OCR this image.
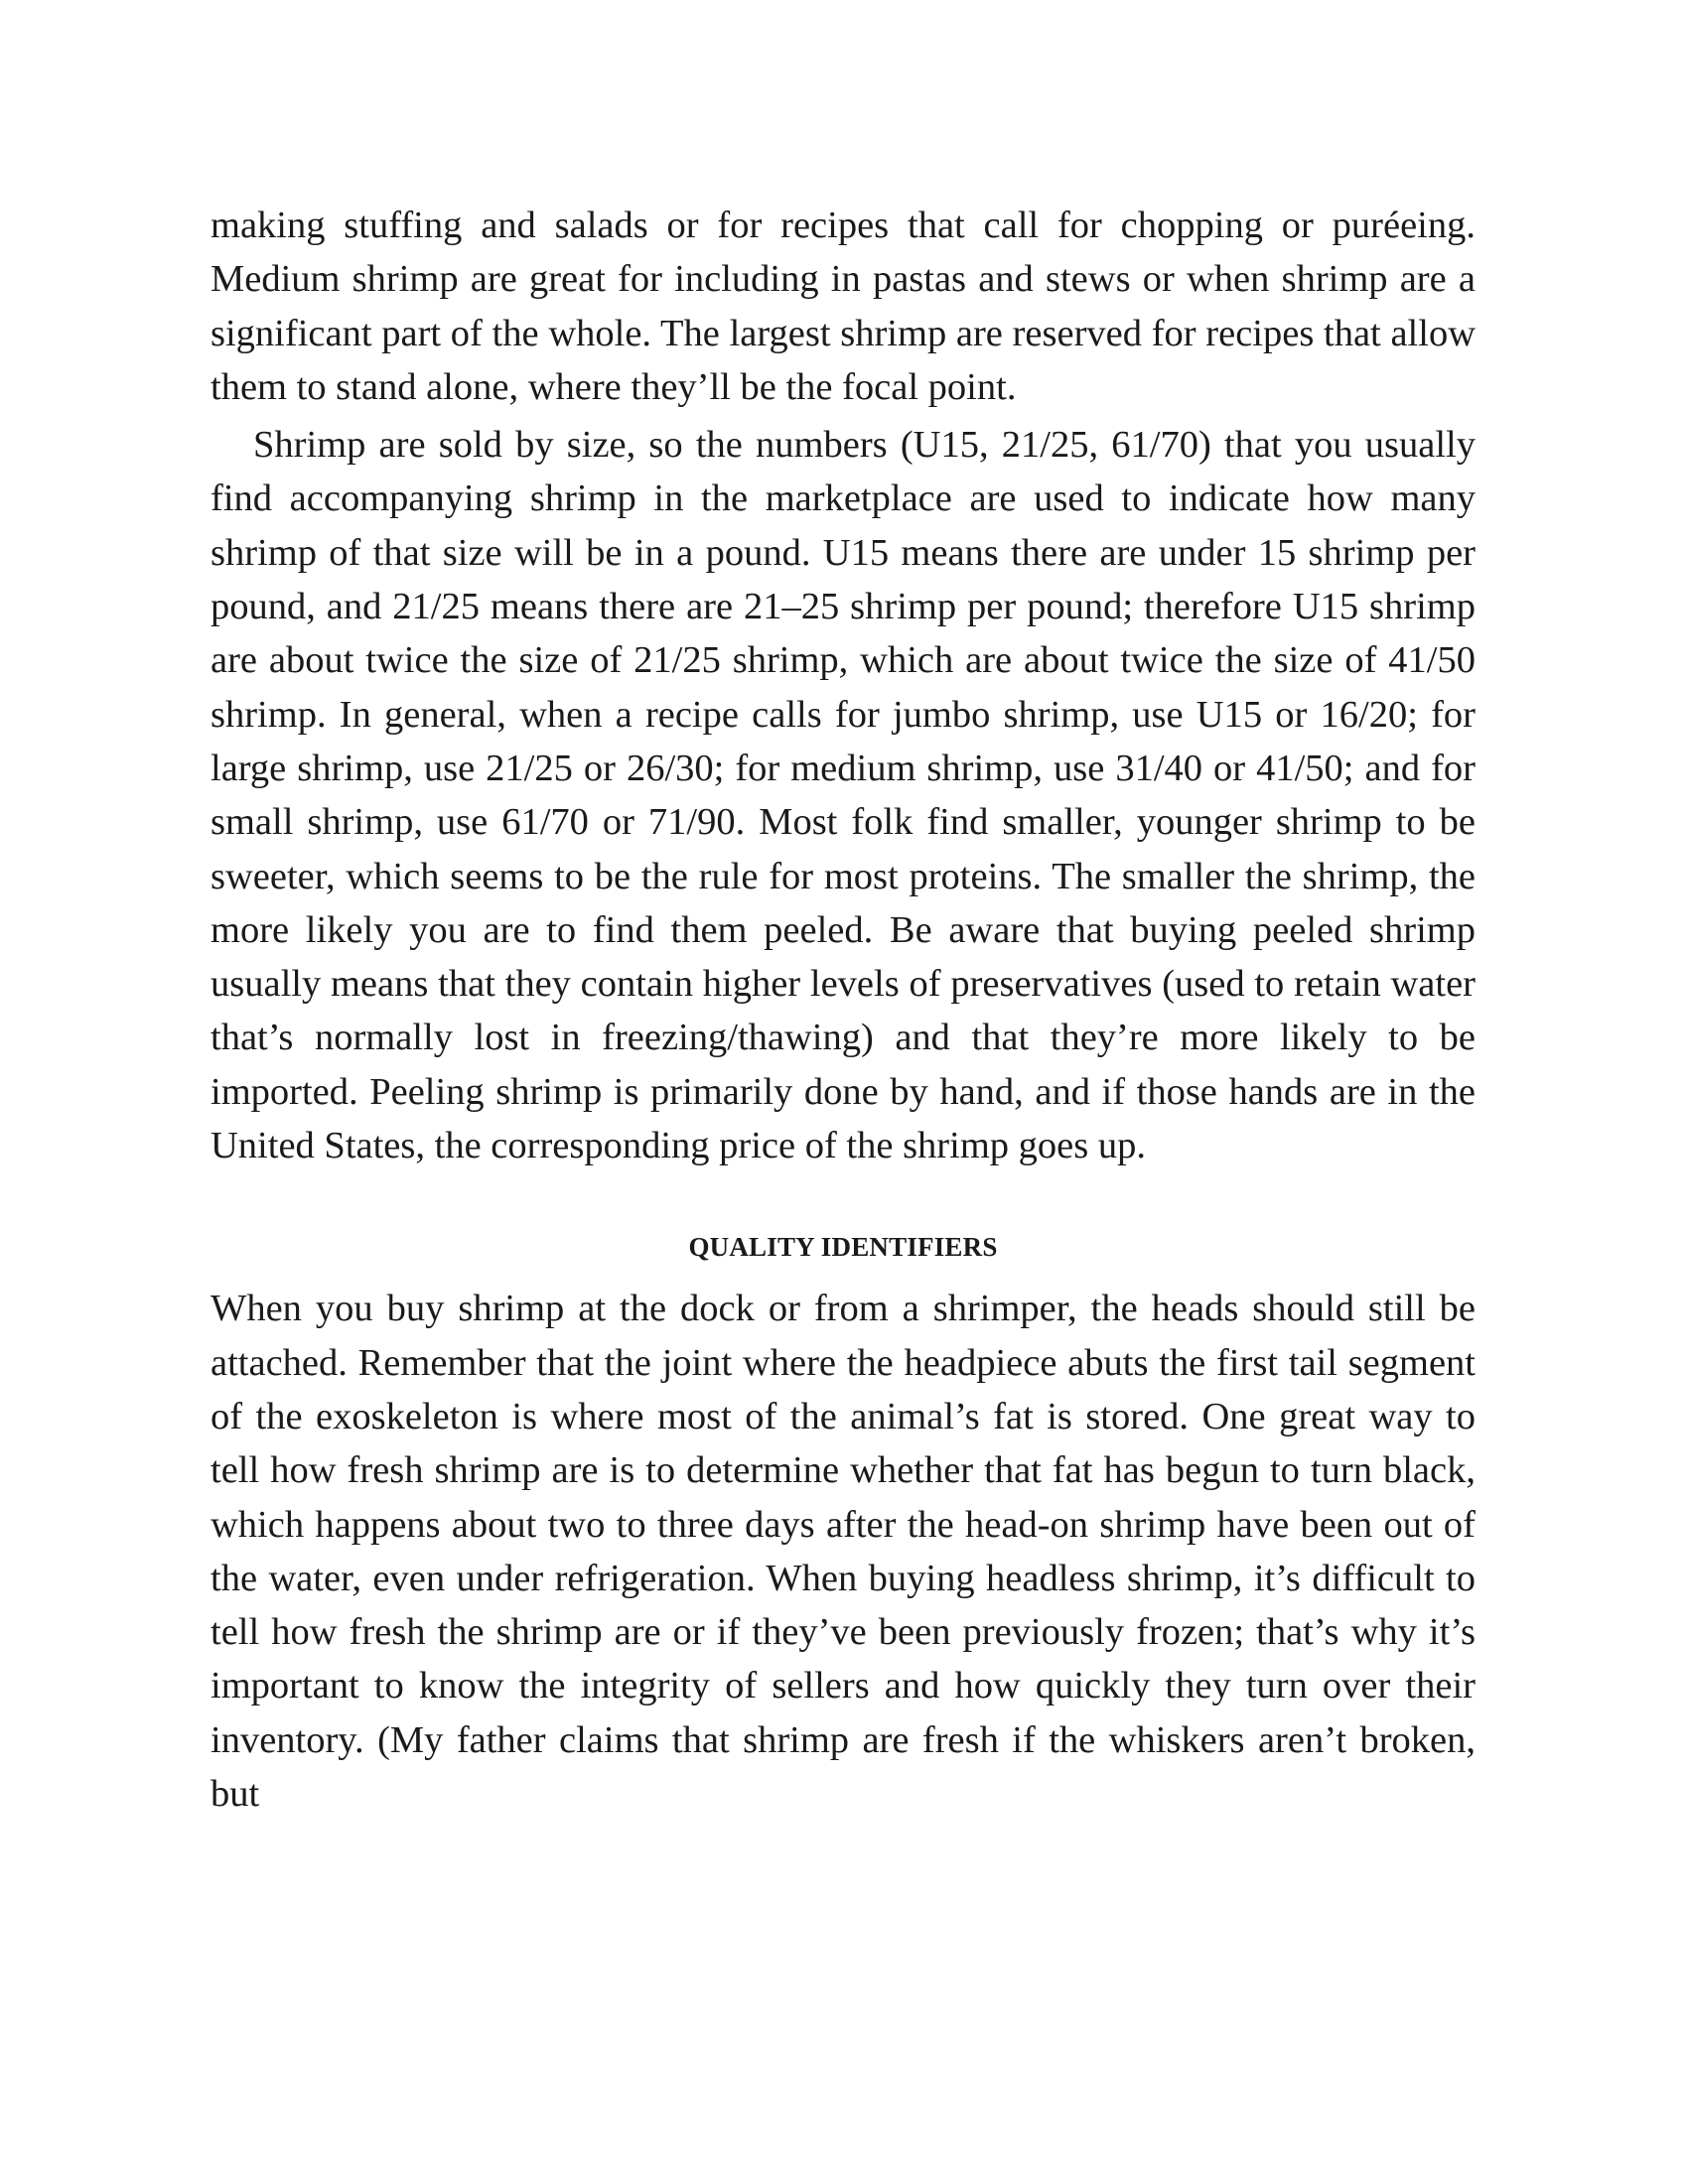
making stuffing and salads or for recipes that call for chopping or puréeing. Medium shrimp are great for including in pastas and stews or when shrimp are a significant part of the whole. The largest shrimp are reserved for recipes that allow them to stand alone, where they’ll be the focal point.

Shrimp are sold by size, so the numbers (U15, 21/25, 61/70) that you usually find accompanying shrimp in the marketplace are used to indicate how many shrimp of that size will be in a pound. U15 means there are under 15 shrimp per pound, and 21/25 means there are 21–25 shrimp per pound; therefore U15 shrimp are about twice the size of 21/25 shrimp, which are about twice the size of 41/50 shrimp. In general, when a recipe calls for jumbo shrimp, use U15 or 16/20; for large shrimp, use 21/25 or 26/30; for medium shrimp, use 31/40 or 41/50; and for small shrimp, use 61/70 or 71/90. Most folk find smaller, younger shrimp to be sweeter, which seems to be the rule for most proteins. The smaller the shrimp, the more likely you are to find them peeled. Be aware that buying peeled shrimp usually means that they contain higher levels of preservatives (used to retain water that’s normally lost in freezing/thawing) and that they’re more likely to be imported. Peeling shrimp is primarily done by hand, and if those hands are in the United States, the corresponding price of the shrimp goes up.

QUALITY IDENTIFIERS

When you buy shrimp at the dock or from a shrimper, the heads should still be attached. Remember that the joint where the headpiece abuts the first tail segment of the exoskeleton is where most of the animal’s fat is stored. One great way to tell how fresh shrimp are is to determine whether that fat has begun to turn black, which happens about two to three days after the head-on shrimp have been out of the water, even under refrigeration. When buying headless shrimp, it’s difficult to tell how fresh the shrimp are or if they’ve been previously frozen; that’s why it’s important to know the integrity of sellers and how quickly they turn over their inventory. (My father claims that shrimp are fresh if the whiskers aren’t broken, but
